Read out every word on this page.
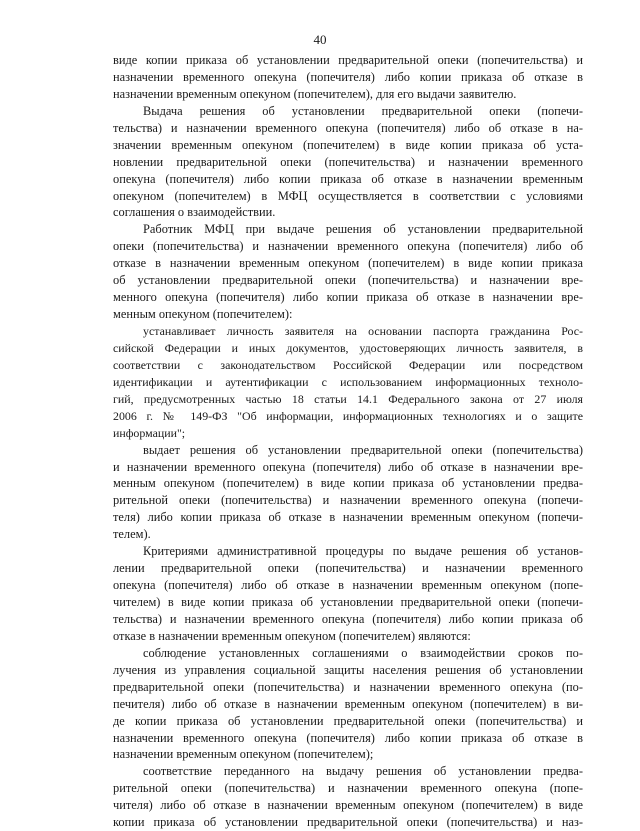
40
виде копии приказа об установлении предварительной опеки (попечительства) и
назначении временного опекуна (попечителя) либо копии приказа об отказе в
назначении временным опекуном (попечителем), для его выдачи заявителю.
Выдача решения об установлении предварительной опеки (попечи-
тельства) и назначении временного опекуна (попечителя) либо об отказе в на-
значении временным опекуном (попечителем) в виде копии приказа об уста-
новлении предварительной опеки (попечительства) и назначении временного
опекуна (попечителя) либо копии приказа об отказе в назначении временным
опекуном (попечителем) в МФЦ осуществляется в соответствии с условиями
соглашения о взаимодействии.
Работник МФЦ при выдаче решения об установлении предварительной
опеки (попечительства) и назначении временного опекуна (попечителя) либо об
отказе в назначении временным опекуном (попечителем) в виде копии приказа
об установлении предварительной опеки (попечительства) и назначении вре-
менного опекуна (попечителя) либо копии приказа об отказе в назначении вре-
менным опекуном (попечителем):
устанавливает личность заявителя на основании паспорта гражданина Рос-
сийской Федерации и иных документов, удостоверяющих личность заявителя, в
соответствии с законодательством Российской Федерации или посредством
идентификации и аутентификации с использованием информационных техноло-
гий, предусмотренных частью 18 статьи 14.1 Федерального закона от 27 июля
2006 г. № 149-ФЗ "Об информации, информационных технологиях и о защите
информации";
выдает решения об установлении предварительной опеки (попечительства)
и назначении временного опекуна (попечителя) либо об отказе в назначении вре-
менным опекуном (попечителем) в виде копии приказа об установлении предва-
рительной опеки (попечительства) и назначении временного опекуна (попечи-
теля) либо копии приказа об отказе в назначении временным опекуном (попечи-
телем).
Критериями административной процедуры по выдаче решения об установ-
лении предварительной опеки (попечительства) и назначении временного
опекуна (попечителя) либо об отказе в назначении временным опекуном (попе-
чителем) в виде копии приказа об установлении предварительной опеки (попечи-
тельства) и назначении временного опекуна (попечителя) либо копии приказа об
отказе в назначении временным опекуном (попечителем) являются:
соблюдение установленных соглашениями о взаимодействии сроков по-
лучения из управления социальной защиты населения решения об установлении
предварительной опеки (попечительства) и назначении временного опекуна (по-
печителя) либо об отказе в назначении временным опекуном (попечителем) в ви-
де копии приказа об установлении предварительной опеки (попечительства) и
назначении временного опекуна (попечителя) либо копии приказа об отказе в
назначении временным опекуном (попечителем);
соответствие переданного на выдачу решения об установлении предва-
рительной опеки (попечительства) и назначении временного опекуна (попе-
чителя) либо об отказе в назначении временным опекуном (попечителем) в виде
копии приказа об установлении предварительной опеки (попечительства) и наз-
